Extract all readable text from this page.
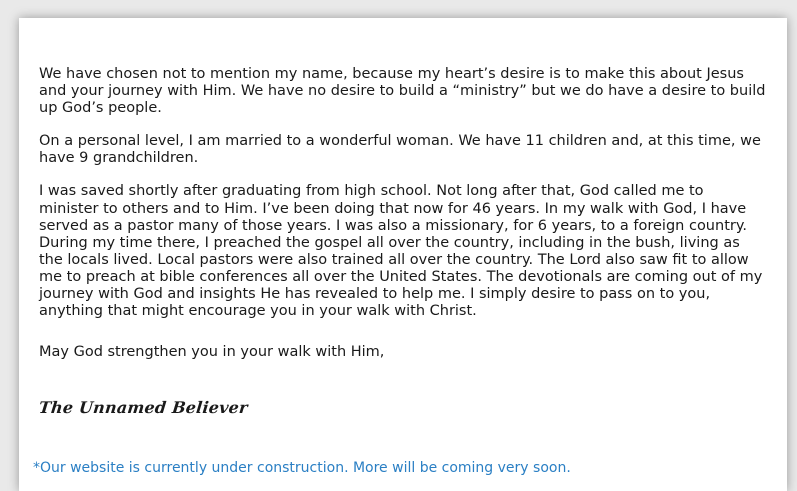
We have chosen not to mention my name, because my heart’s desire is to make this about Jesus and your journey with Him. We have no desire to build a “ministry” but we do have a desire to build up God’s people.

On a personal level, I am married to a wonderful woman. We have 11 children and, at this time, we have 9 grandchildren.

I was saved shortly after graduating from high school. Not long after that, God called me to minister to others and to Him. I’ve been doing that now for 46 years. In my walk with God, I have served as a pastor many of those years. I was also a missionary, for 6 years, to a foreign country. During my time there, I preached the gospel all over the country, including in the bush, living as the locals lived. Local pastors were also trained all over the country. The Lord also saw fit to allow me to preach at bible conferences all over the United States. The devotionals are coming out of my journey with God and insights He has revealed to help me. I simply desire to pass on to you, anything that might encourage you in your walk with Christ.

May God strengthen you in your walk with Him,

The Unnamed Believer
*Our website is currently under construction. More will be coming very soon.
